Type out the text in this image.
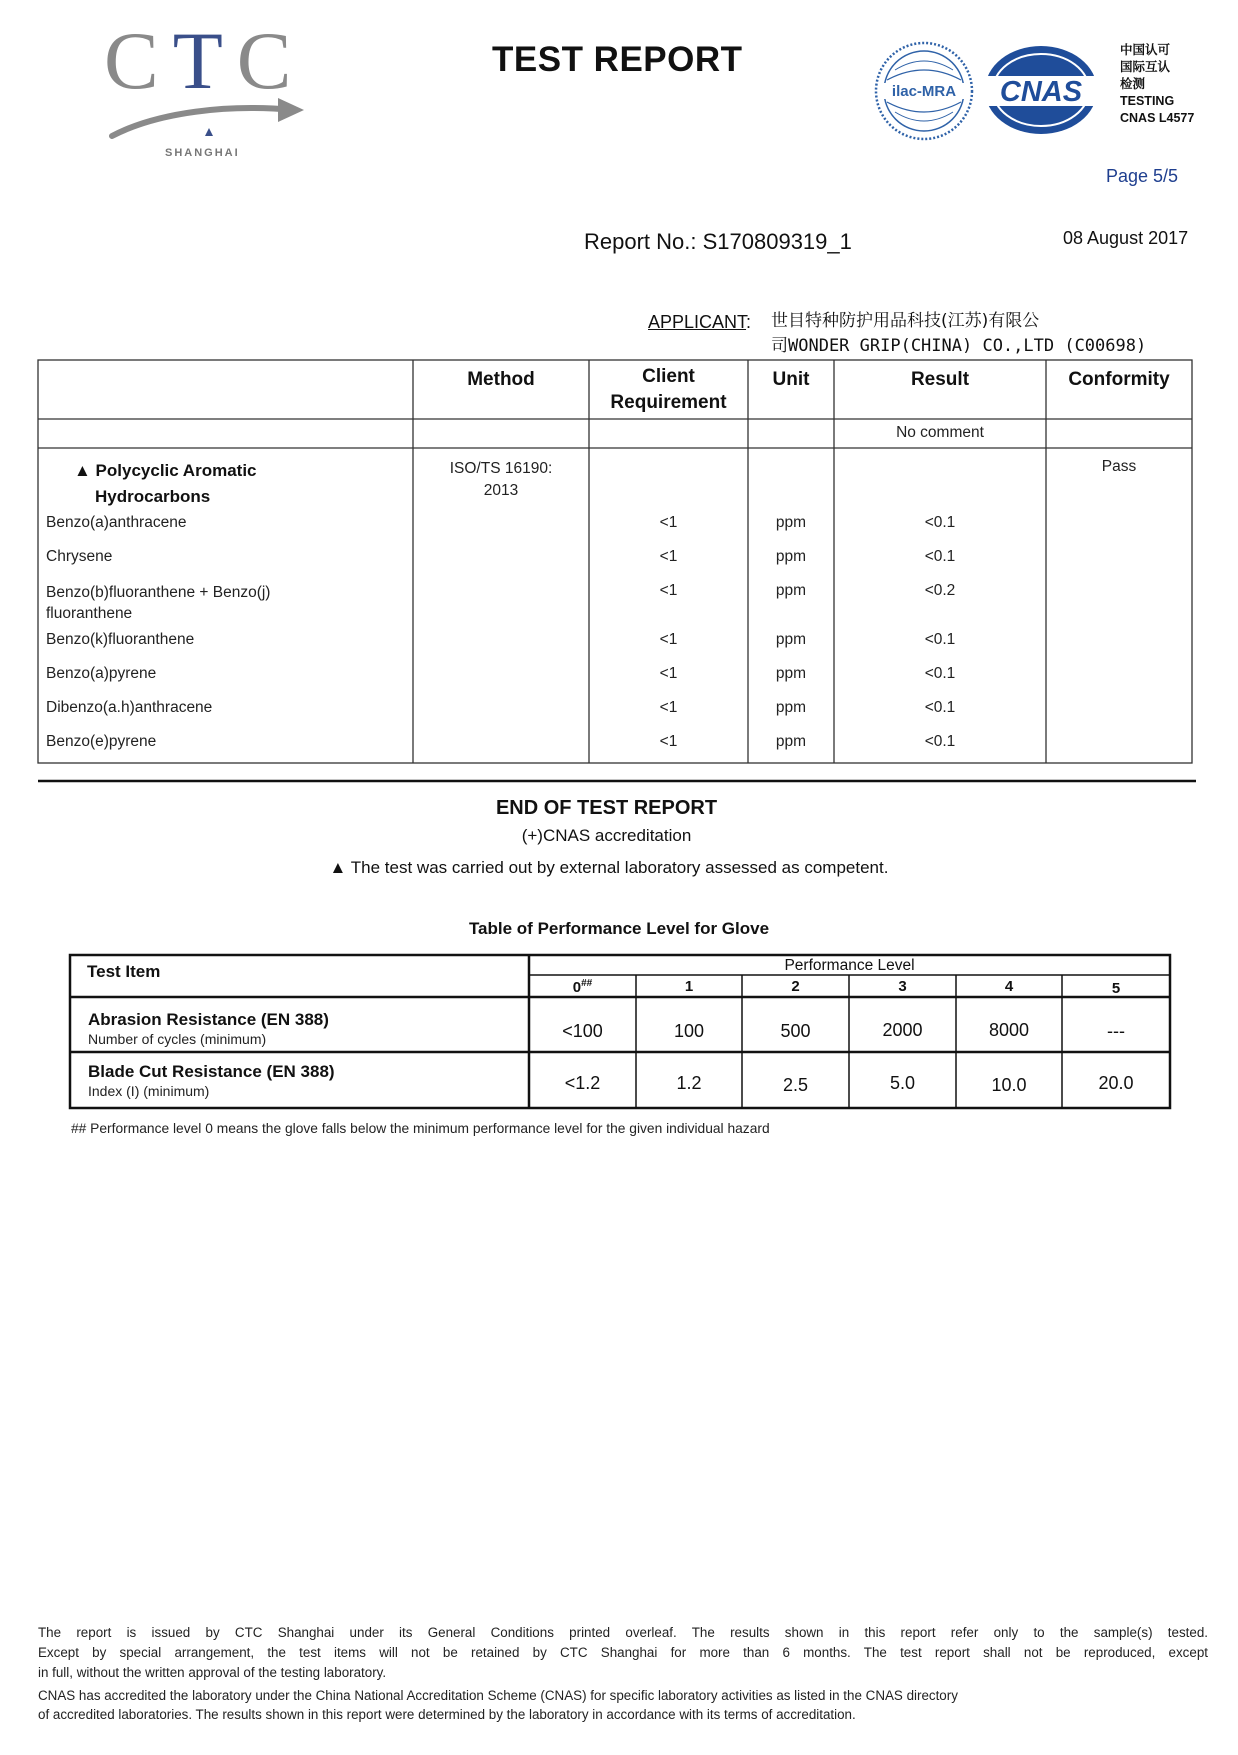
CTC
SHANGHAI
TEST REPORT
ilac-MRA CNAS
中国认可
国际互认
检测
TESTING
CNAS L4577
Page 5/5
Report No.: S170809319_1	08 August 2017
APPLICANT: 世目特种防护用品科技(江苏)有限公
司WONDER GRIP(CHINA) CO.,LTD (C00698)
Method	Client
Requirement
Unit	Result	Conformity
No comment
▲ Polycyclic Aromatic
Hydrocarbons
ISO/TS 16190:
2013
Pass
Benzo(a)anthracene	<1	ppm	<0.1
Chrysene	<1	ppm	<0.1
Benzo(b)fluoranthene + Benzo(j)
fluoranthene
<1	ppm	<0.2
Benzo(k)fluoranthene	<1	ppm	<0.1
Benzo(a)pyrene	<1	ppm	<0.1
Dibenzo(a.h)anthracene	<1	ppm	<0.1
Benzo(e)pyrene	<1	ppm	<0.1
END OF TEST REPORT
(+)CNAS accreditation
▲ The test was carried out by external laboratory assessed as competent.
Table of Performance Level for Glove
Test Item	Performance Level
0##	1	2	3	4	5
Abrasion Resistance (EN 388)
Number of cycles (minimum)	<100	100	500	2000	8000	---
Blade Cut Resistance (EN 388)
Index (I) (minimum)	<1.2	1.2	2.5	5.0	10.0	20.0
## Performance level 0 means the glove falls below the minimum performance level for the given individual hazard
The report is issued by CTC Shanghai under its General Conditions printed overleaf. The results shown in this report refer only to the sample(s) tested.
Except by special arrangement, the test items will not be retained by CTC Shanghai for more than 6 months. The test report shall not be reproduced, except
in full, without the written approval of the testing laboratory.
CNAS has accredited the laboratory under the China National Accreditation Scheme (CNAS) for specific laboratory activities as listed in the CNAS directory
of accredited laboratories. The results shown in this report were determined by the laboratory in accordance with its terms of accreditation.
